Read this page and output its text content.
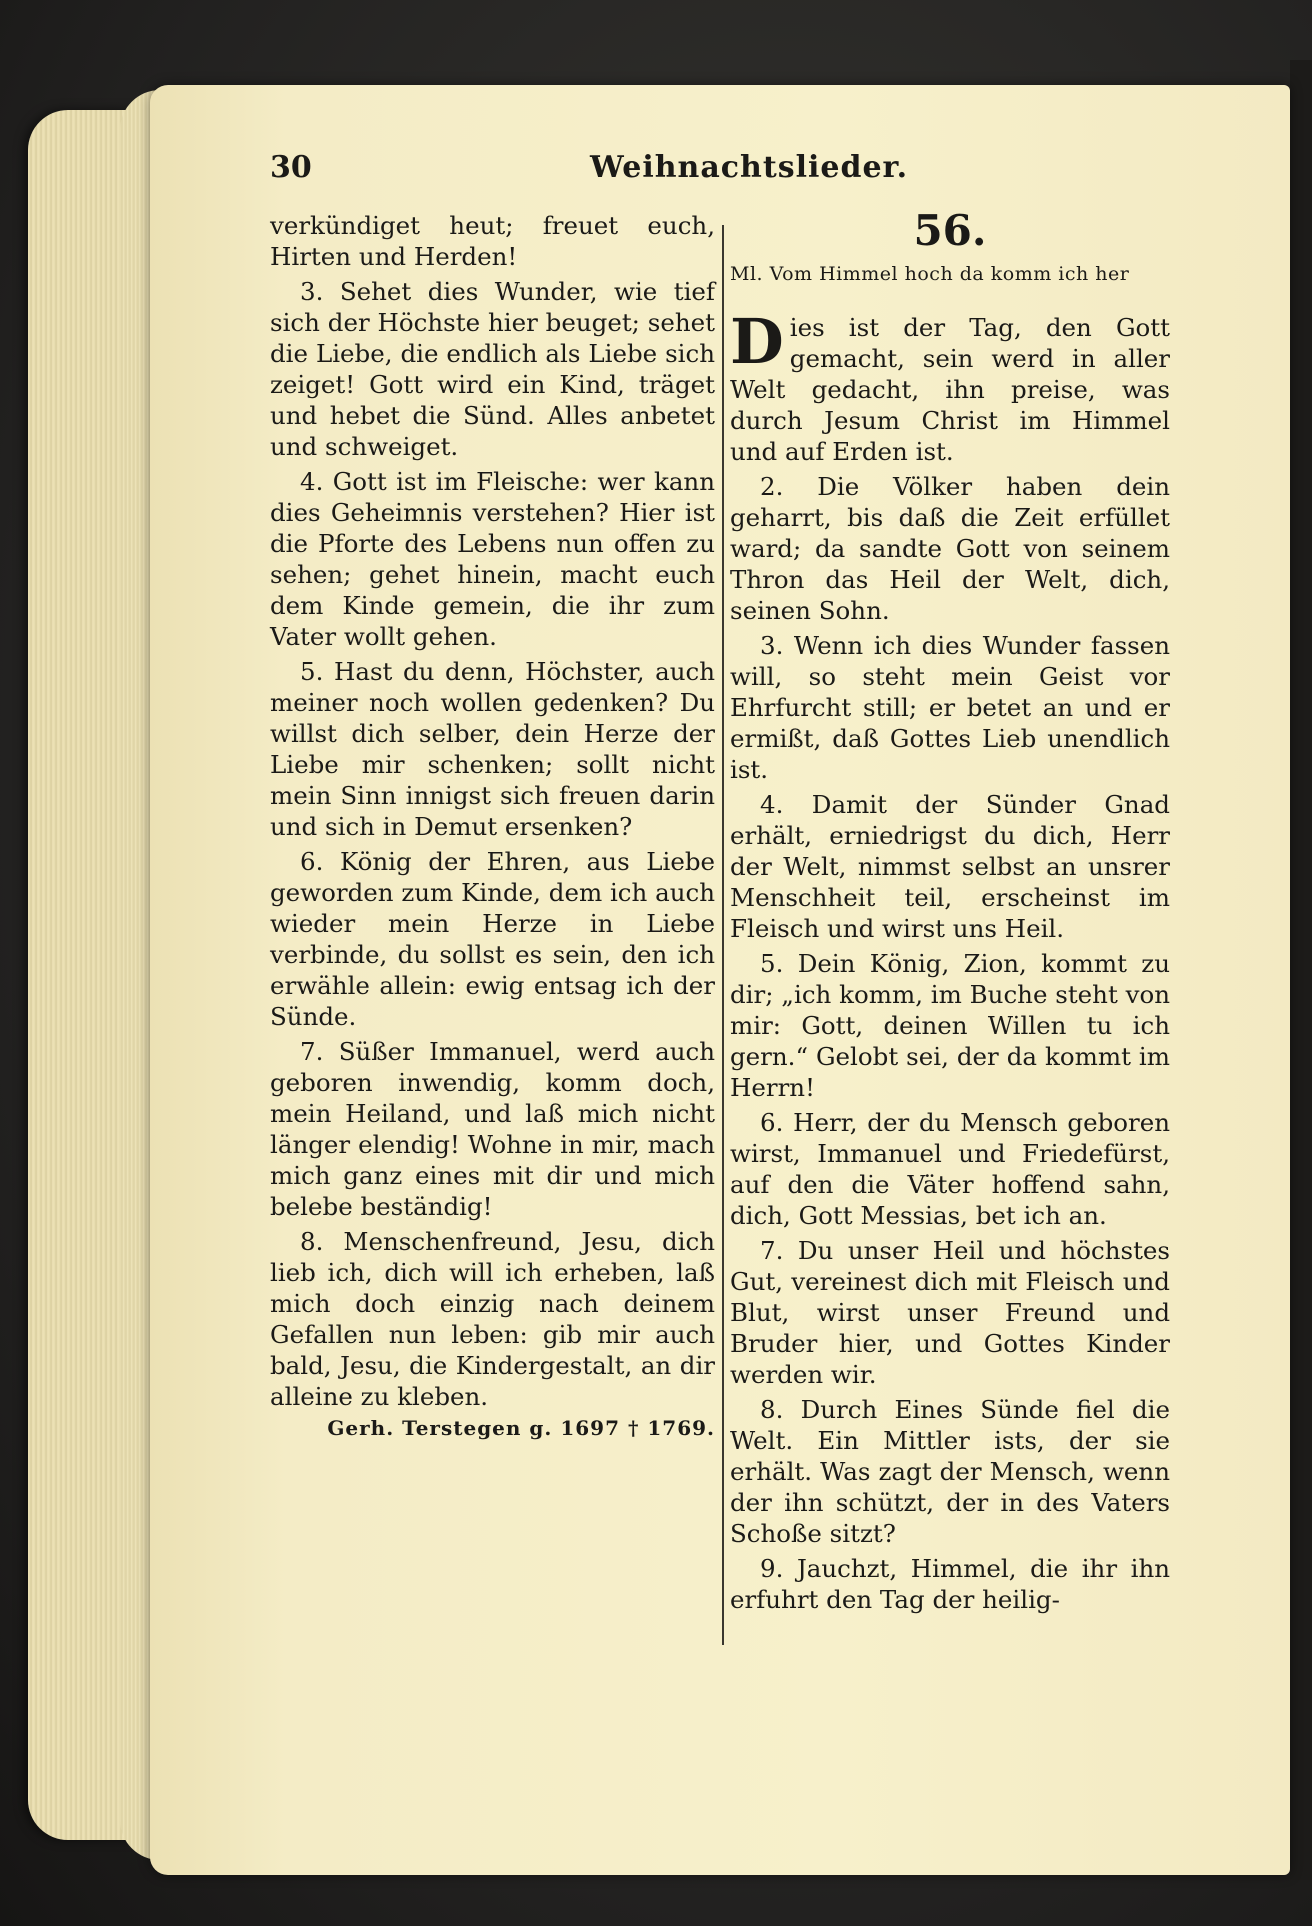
30	Weihnachtslieder.

verkündiget heut; freuet euch, Hirten und Herden!

3. Sehet dies Wunder, wie tief sich der Höchste hier beuget; sehet die Liebe, die endlich als Liebe sich zeiget! Gott wird ein Kind, träget und hebet die Sünd. Alles anbetet und schweiget.

4. Gott ist im Fleische: wer kann dies Geheimnis verstehen? Hier ist die Pforte des Lebens nun offen zu sehen; gehet hinein, macht euch dem Kinde gemein, die ihr zum Vater wollt gehen.

5. Hast du denn, Höchster, auch meiner noch wollen gedenken? Du willst dich selber, dein Herze der Liebe mir schenken; sollt nicht mein Sinn innigst sich freuen darin und sich in Demut ersenken?

6. König der Ehren, aus Liebe geworden zum Kinde, dem ich auch wieder mein Herze in Liebe verbinde, du sollst es sein, den ich erwähle allein: ewig entsag ich der Sünde.

7. Süßer Immanuel, werd auch geboren inwendig, komm doch, mein Heiland, und laß mich nicht länger elendig! Wohne in mir, mach mich ganz eines mit dir und mich belebe beständig!

8. Menschenfreund, Jesu, dich lieb ich, dich will ich erheben, laß mich doch einzig nach deinem Gefallen nun leben: gib mir auch bald, Jesu, die Kindergestalt, an dir alleine zu kleben.

Gerh. Terstegen g. 1697 † 1769.
56.
Ml. Vom Himmel hoch da komm ich her

Dies ist der Tag, den Gott gemacht, sein werd in aller Welt gedacht, ihn preise, was durch Jesum Christ im Himmel und auf Erden ist.

2. Die Völker haben dein geharrt, bis daß die Zeit erfüllet ward; da sandte Gott von seinem Thron das Heil der Welt, dich, seinen Sohn.

3. Wenn ich dies Wunder fassen will, so steht mein Geist vor Ehrfurcht still; er betet an und er ermißt, daß Gottes Lieb unendlich ist.

4. Damit der Sünder Gnad erhält, erniedrigst du dich, Herr der Welt, nimmst selbst an unsrer Menschheit teil, erscheinst im Fleisch und wirst uns Heil.

5. Dein König, Zion, kommt zu dir; „ich komm, im Buche steht von mir: Gott, deinen Willen tu ich gern.“ Gelobt sei, der da kommt im Herrn!

6. Herr, der du Mensch geboren wirst, Immanuel und Friedefürst, auf den die Väter hoffend sahn, dich, Gott Messias, bet ich an.

7. Du unser Heil und höchstes Gut, vereinest dich mit Fleisch und Blut, wirst unser Freund und Bruder hier, und Gottes Kinder werden wir.

8. Durch Eines Sünde fiel die Welt. Ein Mittler ists, der sie erhält. Was zagt der Mensch, wenn der ihn schützt, der in des Vaters Schoße sitzt?

9. Jauchzt, Himmel, die ihr ihn erfuhrt den Tag der heilig-
